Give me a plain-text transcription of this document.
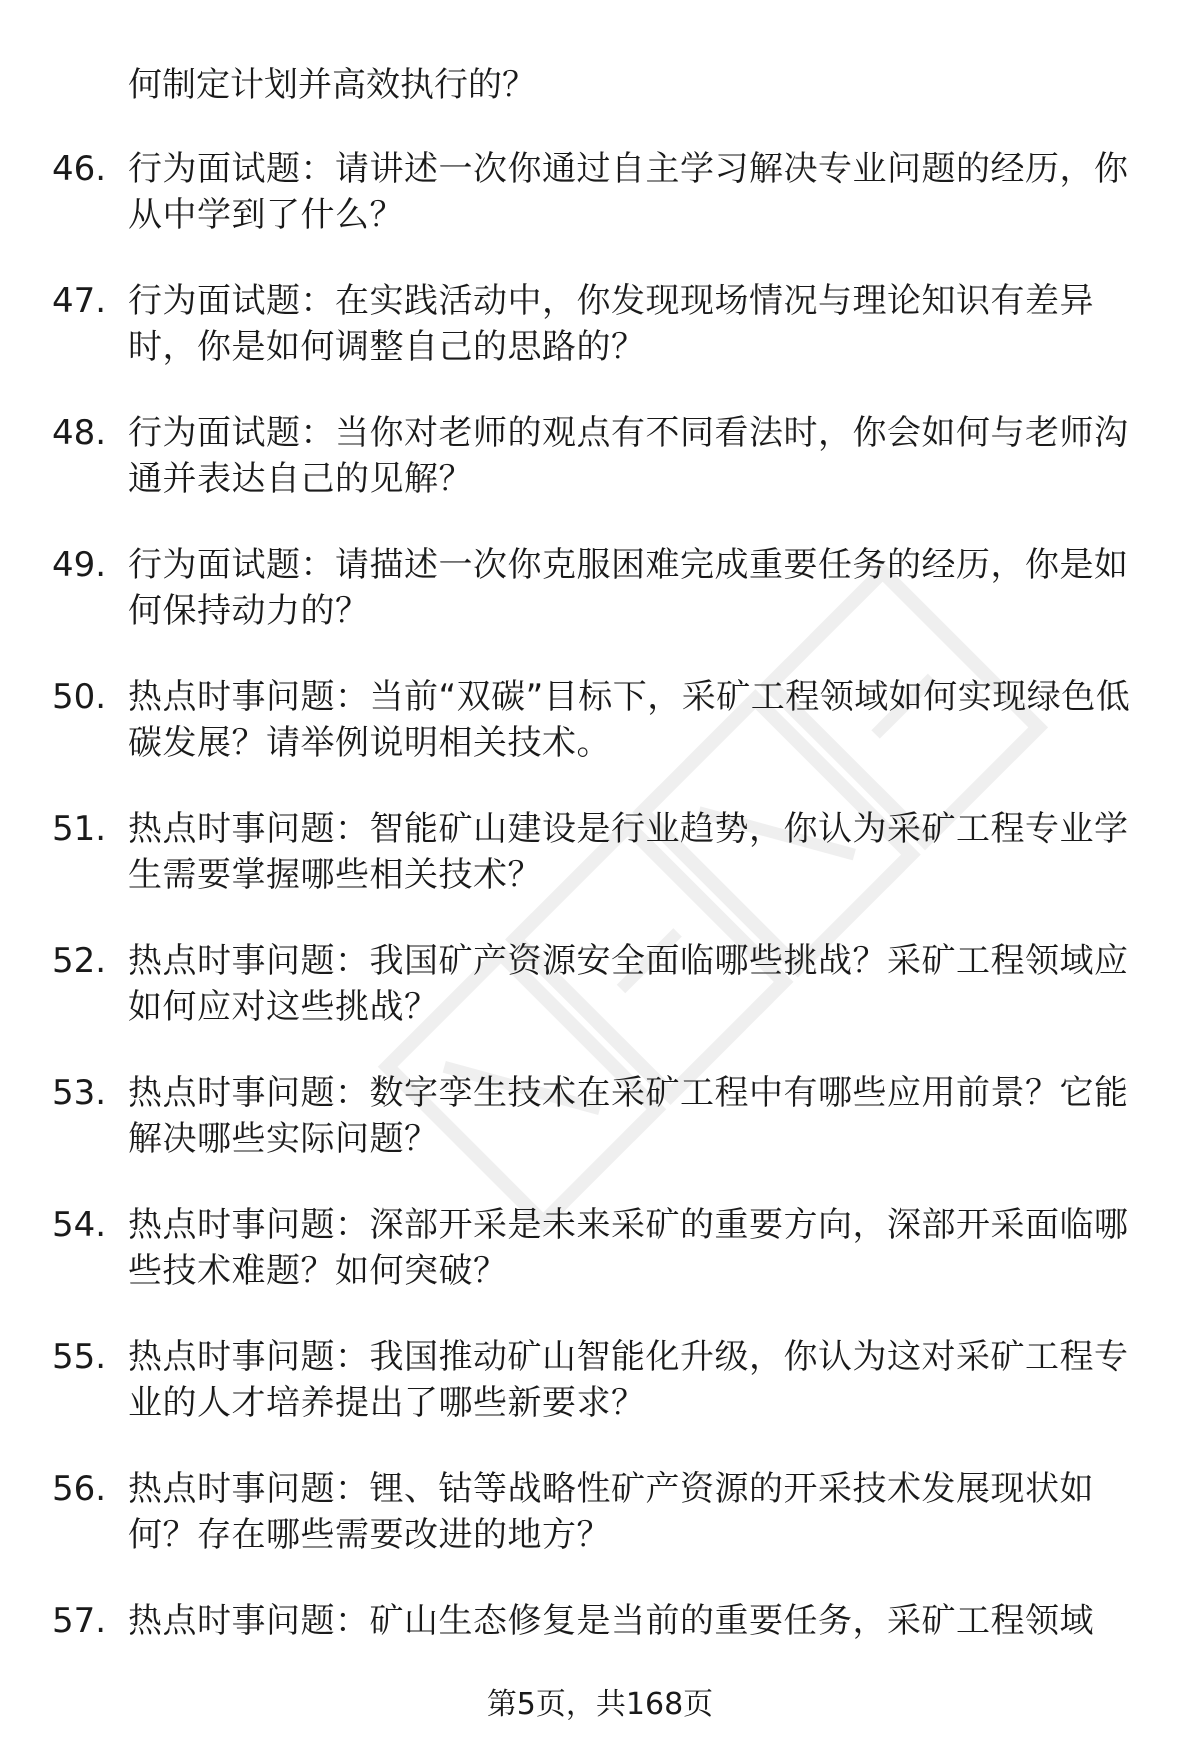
何制定计划并高效执行的？
46. 行为面试题：请讲述一次你通过自主学习解决专业问题的经历，你从中学到了什么？
47. 行为面试题：在实践活动中，你发现现场情况与理论知识有差异时，你是如何调整自己的思路的？
48. 行为面试题：当你对老师的观点有不同看法时，你会如何与老师沟通并表达自己的见解？
49. 行为面试题：请描述一次你克服困难完成重要任务的经历，你是如何保持动力的？
50. 热点时事问题：当前“双碳”目标下，采矿工程领域如何实现绿色低碳发展？请举例说明相关技术。
51. 热点时事问题：智能矿山建设是行业趋势，你认为采矿工程专业学生需要掌握哪些相关技术？
52. 热点时事问题：我国矿产资源安全面临哪些挑战？采矿工程领域应如何应对这些挑战？
53. 热点时事问题：数字孪生技术在采矿工程中有哪些应用前景？它能解决哪些实际问题？
54. 热点时事问题：深部开采是未来采矿的重要方向，深部开采面临哪些技术难题？如何突破？
55. 热点时事问题：我国推动矿山智能化升级，你认为这对采矿工程专业的人才培养提出了哪些新要求？
56. 热点时事问题：锂、钴等战略性矿产资源的开采技术发展现状如何？存在哪些需要改进的地方？
57. 热点时事问题：矿山生态修复是当前的重要任务，采矿工程领域
第5页，共168页
